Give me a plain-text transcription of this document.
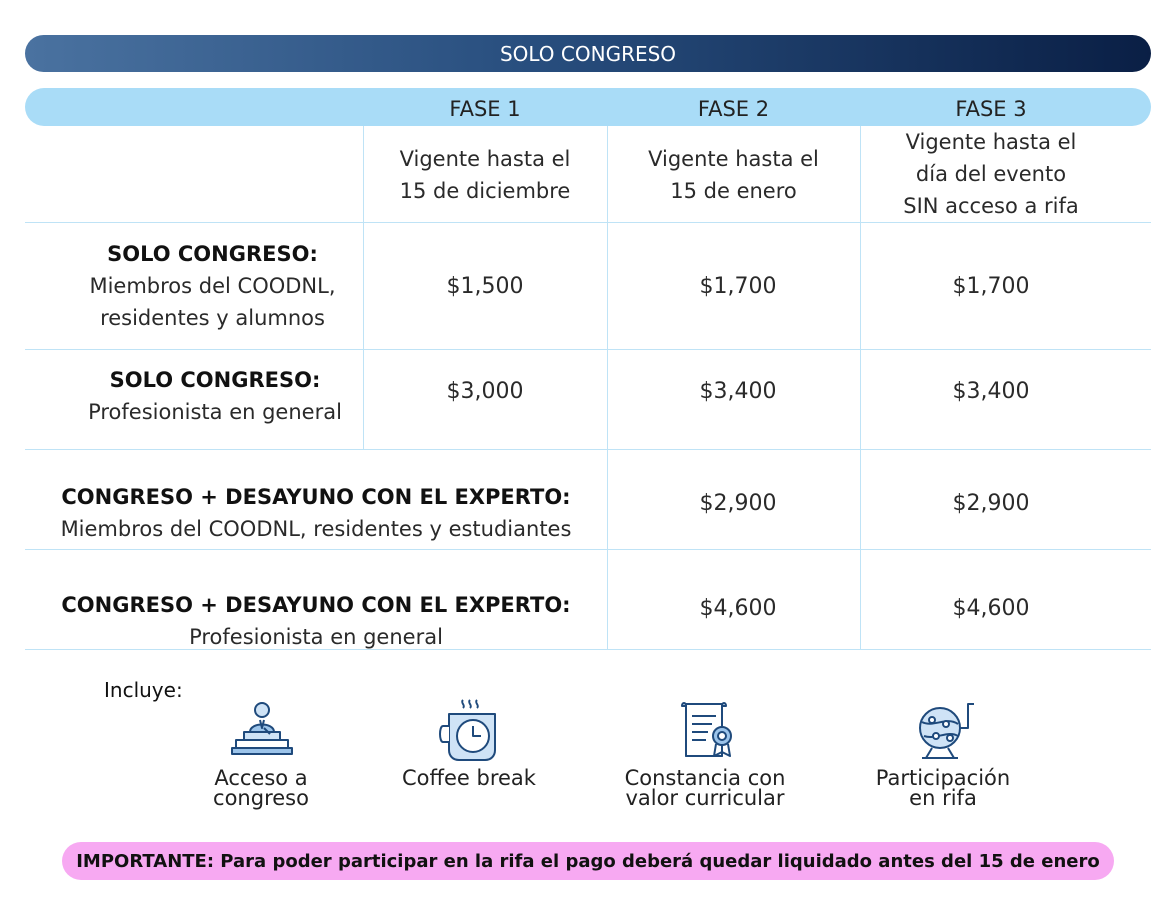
SOLO CONGRESO
FASE 1	FASE 2	FASE 3
Vigente hasta el
15 de diciembre
Vigente hasta el
15 de enero
Vigente hasta el
día del evento
SIN acceso a rifa
SOLO CONGRESO:
Miembros del COODNL,
residentes y alumnos
$1,500	$1,700	$1,700
SOLO CONGRESO:
Profesionista en general
$3,000	$3,400	$3,400
CONGRESO + DESAYUNO CON EL EXPERTO:
Miembros del COODNL, residentes y estudiantes
$2,900	$2,900
CONGRESO + DESAYUNO CON EL EXPERTO:
Profesionista en general
$4,600	$4,600
Incluye:
Acceso a
congreso
Coffee break	Constancia con
valor curricular
Participación
en rifa
IMPORTANTE: Para poder participar en la rifa el pago deberá quedar liquidado antes del 15 de enero
